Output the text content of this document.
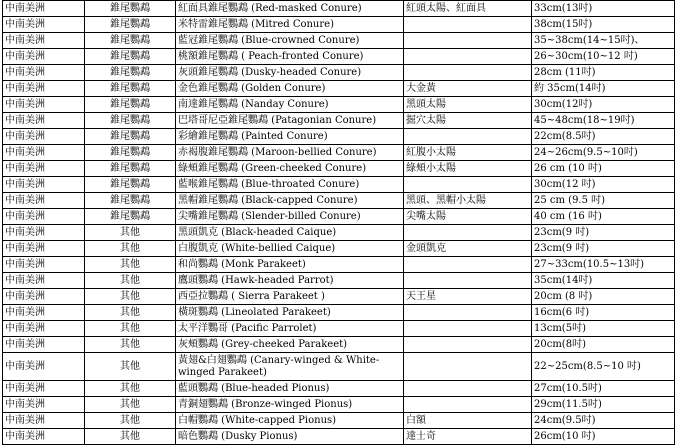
中南美洲	錐尾鸚鵡	紅面具錐尾鸚鵡 (Red-masked Conure)	紅頭太陽、紅面具	33cm(13吋)
中南美洲	錐尾鸚鵡	米特雷錐尾鸚鵡 (Mitred Conure)		38cm(15吋)
中南美洲	錐尾鸚鵡	藍冠錐尾鸚鵡 (Blue-crowned Conure)		35~38cm(14~15吋)、
中南美洲	錐尾鸚鵡	桃額錐尾鸚鵡 ( Peach-fronted Conure)		26~30cm(10~12 吋)
中南美洲	錐尾鸚鵡	灰頭錐尾鸚鵡 (Dusky-headed Conure)		28cm (11吋)
中南美洲	錐尾鸚鵡	金色錐尾鸚鵡 (Golden Conure)	大金黃	約 35cm(14吋)
中南美洲	錐尾鸚鵡	南達錐尾鸚鵡 (Nanday Conure)	黑頭太陽	30cm(12吋)
中南美洲	錐尾鸚鵡	巴塔哥尼亞錐尾鸚鵡 (Patagonian Conure)	掘穴太陽	45~48cm(18~19吋)
中南美洲	錐尾鸚鵡	彩繪錐尾鸚鵡 (Painted Conure)		22cm(8.5吋)
中南美洲	錐尾鸚鵡	赤褐腹錐尾鸚鵡 (Maroon-bellied Conure)	紅腹小太陽	24~26cm(9.5~10吋)
中南美洲	錐尾鸚鵡	綠頰錐尾鸚鵡 (Green-cheeked Conure)	綠頰小太陽	26 cm (10 吋)
中南美洲	錐尾鸚鵡	藍喉錐尾鸚鵡 (Blue-throated Conure)		30cm(12 吋)
中南美洲	錐尾鸚鵡	黑帽錐尾鸚鵡 (Black-capped Conure)	黑頭、黑帽小太陽	25 cm (9.5 吋)
中南美洲	錐尾鸚鵡	尖嘴錐尾鸚鵡 (Slender-billed Conure)	尖嘴太陽	40 cm (16 吋)
中南美洲	其他	黑頭凱克 (Black-headed Caique)		23cm(9 吋)
中南美洲	其他	白腹凱克 (White-bellied Caique)	金頭凱克	23cm(9 吋)
中南美洲	其他	和尚鸚鵡 (Monk Parakeet)		27~33cm(10.5~13吋)
中南美洲	其他	鷹頭鸚鵡 (Hawk-headed Parrot)		35cm(14吋)
中南美洲	其他	西亞拉鸚鵡 ( Sierra Parakeet )	天王星	20cm (8 吋)
中南美洲	其他	橫斑鸚鵡 (Lineolated Parakeet)		16cm(6 吋)
中南美洲	其他	太平洋鸚哥 (Pacific Parrolet)		13cm(5吋)
中南美洲	其他	灰頰鸚鵡 (Grey-cheeked Parakeet)		20cm(8吋)
中南美洲	其他	黃翅&白翅鸚鵡 (Canary-winged & White-winged Parakeet)		22~25cm(8.5~10 吋)
中南美洲	其他	藍頭鸚鵡 (Blue-headed Pionus)		27cm(10.5吋)
中南美洲	其他	青銅翅鸚鵡 (Bronze-winged Pionus)		29cm(11.5吋)
中南美洲	其他	白帽鸚鵡 (White-capped Pionus)	白額	24cm(9.5吋)
中南美洲	其他	暗色鸚鵡 (Dusky Pionus)	達士奇	26cm(10 吋)
